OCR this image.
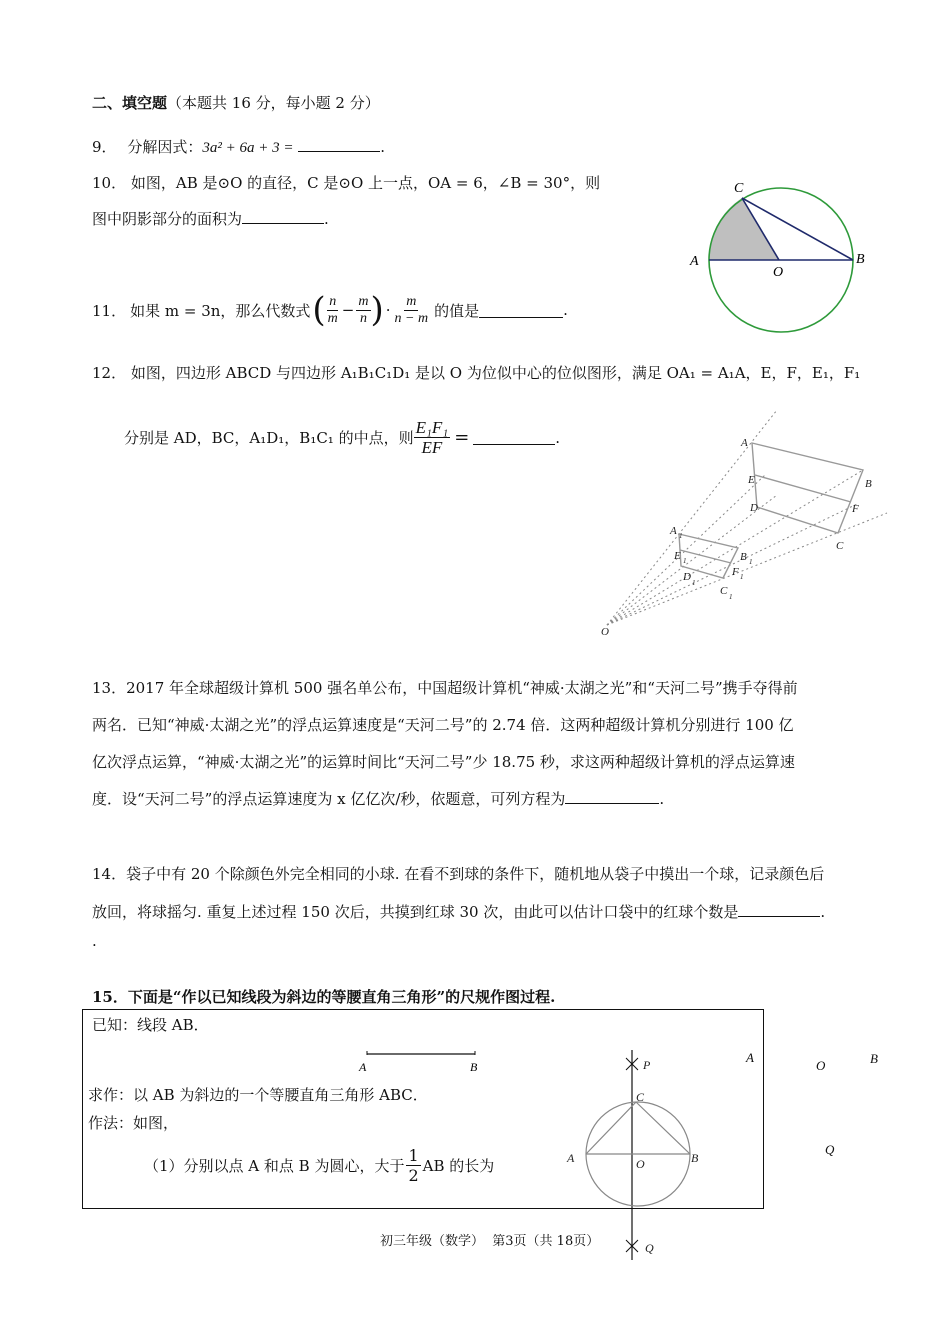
二、填空题（本题共 16 分，每小题 2 分）
9． 分解因式：3a² + 6a + 3 =	.
10． 如图，AB 是⊙O 的直径，C 是⊙O 上一点，OA = 6，∠B = 30°，则
图中阴影部分的面积为	.
C
A
O
B
11． 如果 m = 3n，那么代数式 ( $\frac{n}{m} - \frac{m}{n}$ ) · $\frac{m}{n - m}$ 的值是	.
12． 如图，四边形 ABCD 与四边形 A₁B₁C₁D₁ 是以 O 为位似中心的位似图形，满足 OA₁ = A₁A，E，F，E₁，F₁
分别是 AD，BC，A₁D₁，B₁C₁ 的中点，则 $\frac{\text{E₁F₁}}{EF}$ =	.	A
B
C
D
E
F
A
E
D
B
F
C
O
1
1
1
1
1
1
13．2017 年全球超级计算机 500 强名单公布，中国超级计算机“神威·太湖之光”和“天河二号”携手夺得前
两名．已知“神威·太湖之光”的浮点运算速度是“天河二号”的 2.74 倍．这两种超级计算机分别进行 100 亿
亿次浮点运算，“神威·太湖之光”的运算时间比“天河二号”少 18.75 秒，求这两种超级计算机的浮点运算速
度．设“天河二号”的浮点运算速度为 x 亿亿次/秒，依题意，可列方程为	.
14．袋子中有 20 个除颜色外完全相同的小球. 在看不到球的条件下，随机地从袋子中摸出一个球，记录颜色后
放回，将球摇匀. 重复上述过程 150 次后，共摸到红球 30 次，由此可以估计口袋中的红球个数是	.
.
15．下面是“作以已知线段为斜边的等腰直角三角形”的尺规作图过程.
已知：线段 AB．
A	B
求作：以 AB 为斜边的一个等腰直角三角形 ABC．
作法：如图，
（1）分别以点 A 和点 B 为圆心，大于 $\frac{1}{2}$ AB 的长为
P
C
A	O	B
Q
A
O	B
Q
初三年级（数学）  第3页（共 18页）
